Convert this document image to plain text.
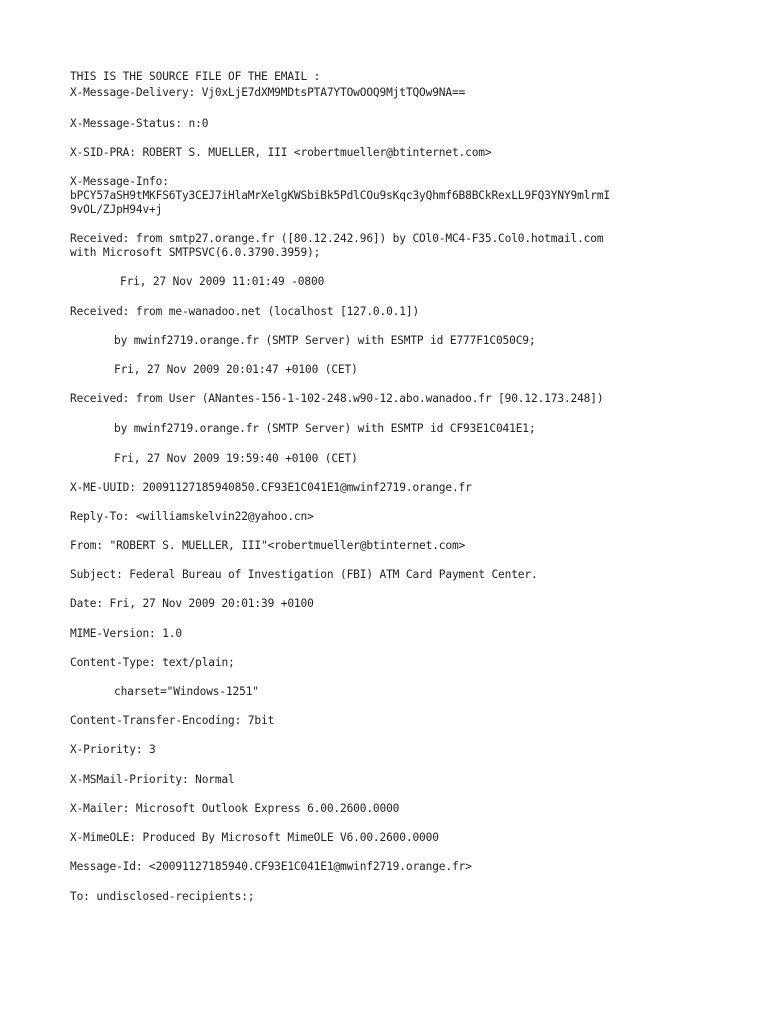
THIS IS THE SOURCE FILE OF THE EMAIL :
X-Message-Delivery: Vj0xLjE7dXM9MDtsPTA7YTOwOOQ9MjtTQOw9NA==
X-Message-Status: n:0
X-SID-PRA: ROBERT S. MUELLER, III <robertmueller@btinternet.com>
X-Message-Info:
bPCY57aSH9tMKFS6Ty3CEJ7iHlaMrXelgKWSbiBk5PdlCOu9sKqc3yQhmf6B8BCkRexLL9FQ3YNY9mlrmI
9vOL/ZJpH94v+j
Received: from smtp27.orange.fr ([80.12.242.96]) by COl0-MC4-F35.Col0.hotmail.com
with Microsoft SMTPSVC(6.0.3790.3959);
Fri, 27 Nov 2009 11:01:49 -0800
Received: from me-wanadoo.net (localhost [127.0.0.1])
by mwinf2719.orange.fr (SMTP Server) with ESMTP id E777F1C050C9;
Fri, 27 Nov 2009 20:01:47 +0100 (CET)
Received: from User (ANantes-156-1-102-248.w90-12.abo.wanadoo.fr [90.12.173.248])
by mwinf2719.orange.fr (SMTP Server) with ESMTP id CF93E1C041E1;
Fri, 27 Nov 2009 19:59:40 +0100 (CET)
X-ME-UUID: 20091127185940850.CF93E1C041E1@mwinf2719.orange.fr
Reply-To: <williamskelvin22@yahoo.cn>
From: "ROBERT S. MUELLER, III"<robertmueller@btinternet.com>
Subject: Federal Bureau of Investigation (FBI) ATM Card Payment Center.
Date: Fri, 27 Nov 2009 20:01:39 +0100
MIME-Version: 1.0
Content-Type: text/plain;
charset="Windows-1251"
Content-Transfer-Encoding: 7bit
X-Priority: 3
X-MSMail-Priority: Normal
X-Mailer: Microsoft Outlook Express 6.00.2600.0000
X-MimeOLE: Produced By Microsoft MimeOLE V6.00.2600.0000
Message-Id: <20091127185940.CF93E1C041E1@mwinf2719.orange.fr>
To: undisclosed-recipients:;
